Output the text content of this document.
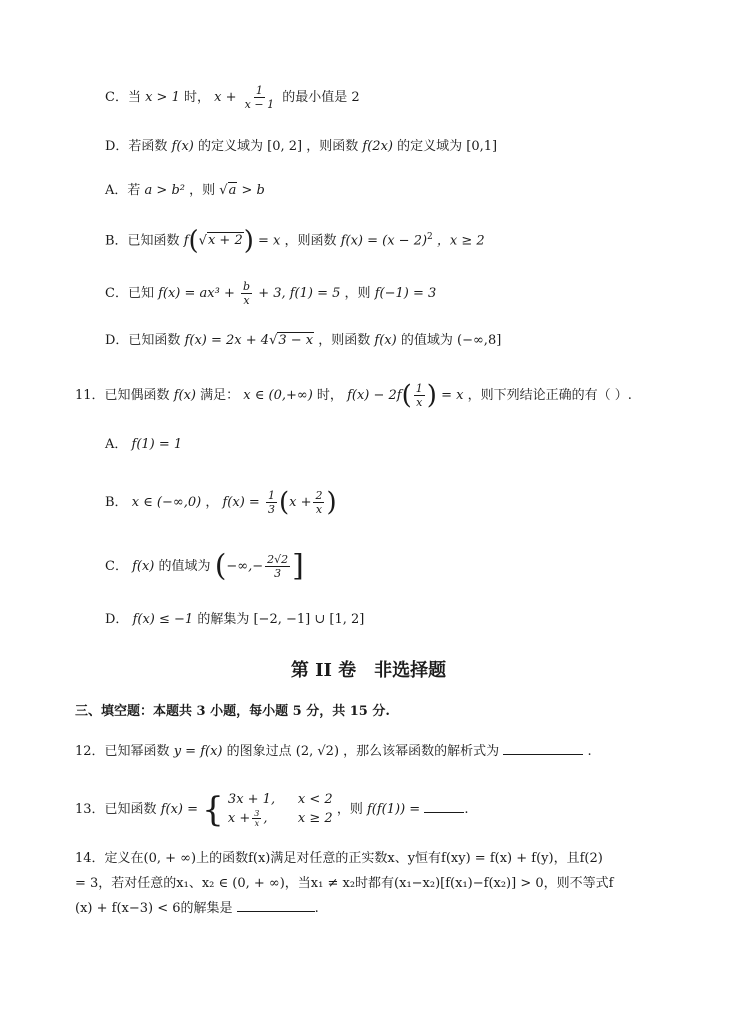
C．当 x > 1 时， $x + \frac{1}{x - 1}$ 的最小值是 2
D．若函数 f(x) 的定义域为 [0, 2] ，则函数 f(2x) 的定义域为 [0,1]
A．若 a > b² ，则 √a > b
B．已知函数 f(√x + 2) = x ，则函数 $f(x) = (x - 2)^2$ ，x ≥ 2
C．已知 $f(x) = ax^3 + \frac{b}{x} + 3$, f(1) = 5 ，则 f(−1) = 3
D．已知函数 f(x) = 2x + 4√3 − x ，则函数 f(x) 的值域为 (−∞,8]
11．已知偶函数 f(x) 满足： x ∈ (0,+∞) 时， $f(x) - 2f( \frac{1}{x}$ ) = x ，则下列结论正确的有（ ）.
A． f(1) = 1
B． x ∈ (−∞,0) ， $f(x) = \frac{1}{3} (x + \frac{2}{x}$ )
C． f(x) 的值域为 (−∞,− $\frac{2√2}{3}$ ]
D． f(x) ≤ −1 的解集为 [−2, −1] ∪ [1, 2]
第 II 卷　非选择题
三、填空题：本题共 3 小题，每小题 5 分，共 15 分.
12．已知幂函数 y = f(x) 的图象过点 (2, √2) ，那么该幂函数的解析式为	.
13．已知函数 f(x) = { 3x + 1, x < 2
$x + \frac{3}{x}$ , x ≥ 2
，则 f(f(1)) =	.
14．定义在(0, + ∞)上的函数f(x)满足对任意的正实数x、y恒有f(xy) = f(x) + f(y)，且f(2)
= 3，若对任意的x₁、x₂ ∈ (0, + ∞)，当x₁ ≠ x₂时都有(x₁−x₂)[f(x₁)−f(x₂)] > 0，则不等式f
(x) + f(x−3) < 6的解集是	.
